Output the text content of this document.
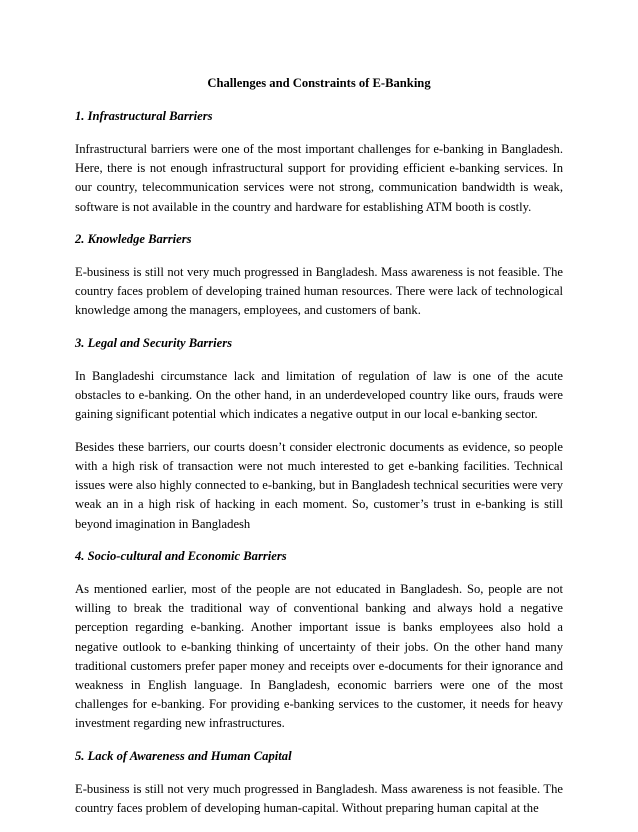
Challenges and Constraints of E-Banking
1. Infrastructural Barriers
Infrastructural barriers were one of the most important challenges for e-banking in Bangladesh. Here, there is not enough infrastructural support for providing efficient e-banking services. In our country, telecommunication services were not strong, communication bandwidth is weak, software is not available in the country and hardware for establishing ATM booth is costly.
2. Knowledge Barriers
E-business is still not very much progressed in Bangladesh. Mass awareness is not feasible. The country faces problem of developing trained human resources. There were lack of technological knowledge among the managers, employees, and customers of bank.
3. Legal and Security Barriers
In Bangladeshi circumstance lack and limitation of regulation of law is one of the acute obstacles to e-banking. On the other hand, in an underdeveloped country like ours, frauds were gaining significant potential which indicates a negative output in our local e-banking sector.
Besides these barriers, our courts doesn’t consider electronic documents as evidence, so people with a high risk of transaction were not much interested to get e-banking facilities. Technical issues were also highly connected to e-banking, but in Bangladesh technical securities were very weak an in a high risk of hacking in each moment. So, customer’s trust in e-banking is still beyond imagination in Bangladesh
4. Socio-cultural and Economic Barriers
As mentioned earlier, most of the people are not educated in Bangladesh. So, people are not willing to break the traditional way of conventional banking and always hold a negative perception regarding e-banking. Another important issue is banks employees also hold a negative outlook to e-banking thinking of uncertainty of their jobs. On the other hand many traditional customers prefer paper money and receipts over e-documents for their ignorance and weakness in English language. In Bangladesh, economic barriers were one of the most challenges for e-banking. For providing e-banking services to the customer, it needs for heavy investment regarding new infrastructures.
5. Lack of Awareness and Human Capital
E-business is still not very much progressed in Bangladesh. Mass awareness is not feasible. The country faces problem of developing human-capital. Without preparing human capital at the
